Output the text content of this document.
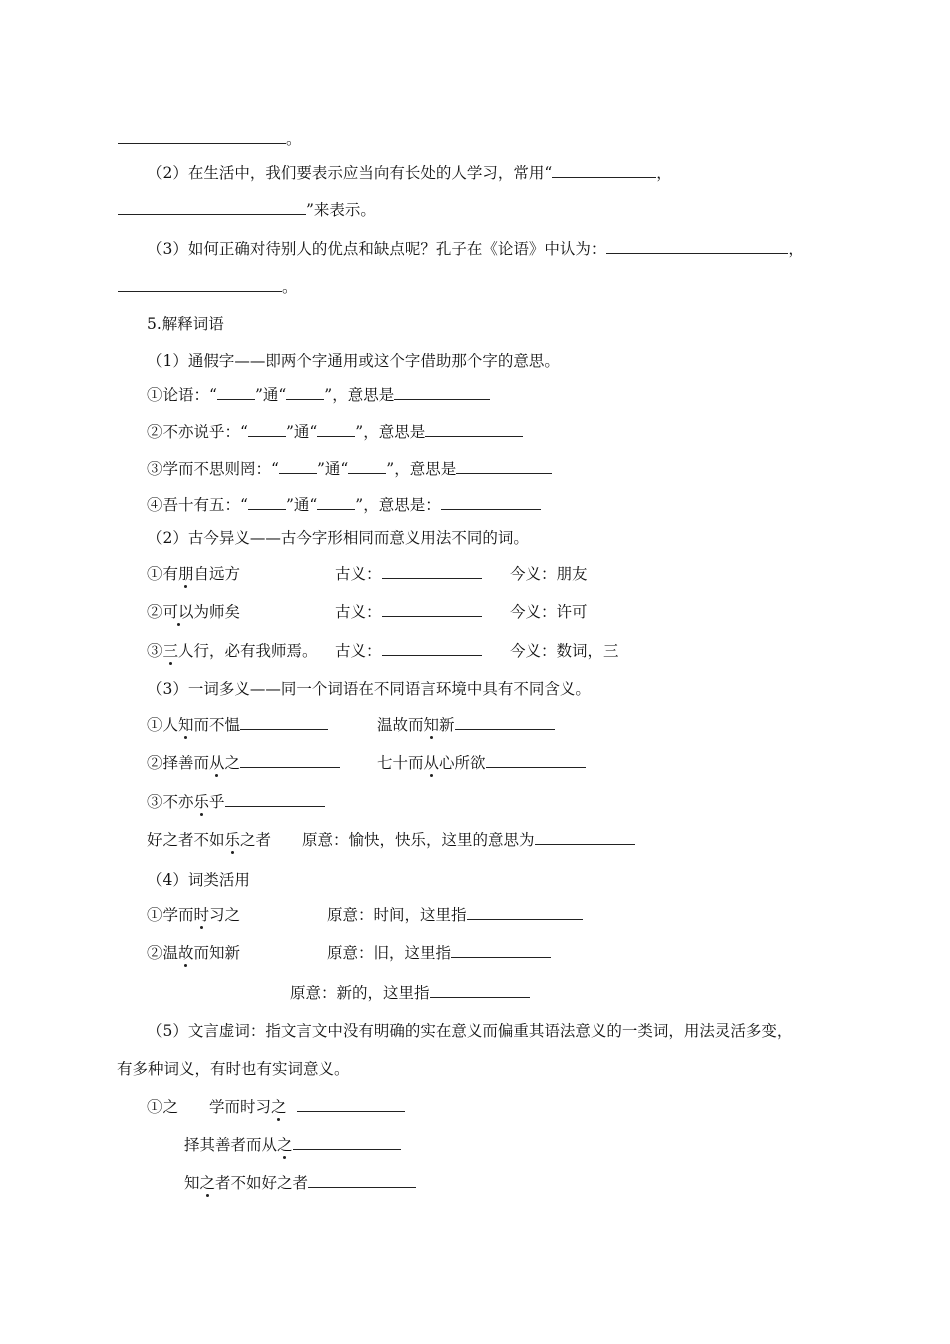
。
（2）在生活中，我们要表示应当向有长处的人学习，常用“	，
”来表示。
（3）如何正确对待别人的优点和缺点呢？孔子在《论语》中认为：	，
。
5.解释词语
（1）通假字——即两个字通用或这个字借助那个字的意思。
①论语：“ ”通“ ”，意思是
②不亦说乎：“ ”通“ ”，意思是
③学而不思则罔：“ ”通“ ”，意思是
④吾十有五：“ ”通“ ”，意思是：
（2）古今异义——古今字形相同而意义用法不同的词。
①有朋自远方	古义：	今义：朋友
②可以为师矣	古义：	今义：许可
③三人行，必有我师焉。 古义：	今义：数词，三
（3）一词多义——同一个词语在不同语言环境中具有不同含义。
①人知而不愠	温故而知新
②择善而从之	七十而从心所欲
③不亦乐乎
好之者不如乐之者 原意：愉快，快乐，这里的意思为
（4）词类活用
①学而时习之	原意：时间，这里指
②温故而知新	原意：旧，这里指
原意：新的，这里指
（5）文言虚词：指文言文中没有明确的实在意义而偏重其语法意义的一类词，用法灵活多变，
有多种词义，有时也有实词意义。
①之 学而时习之
择其善者而从之
知之者不如好之者
